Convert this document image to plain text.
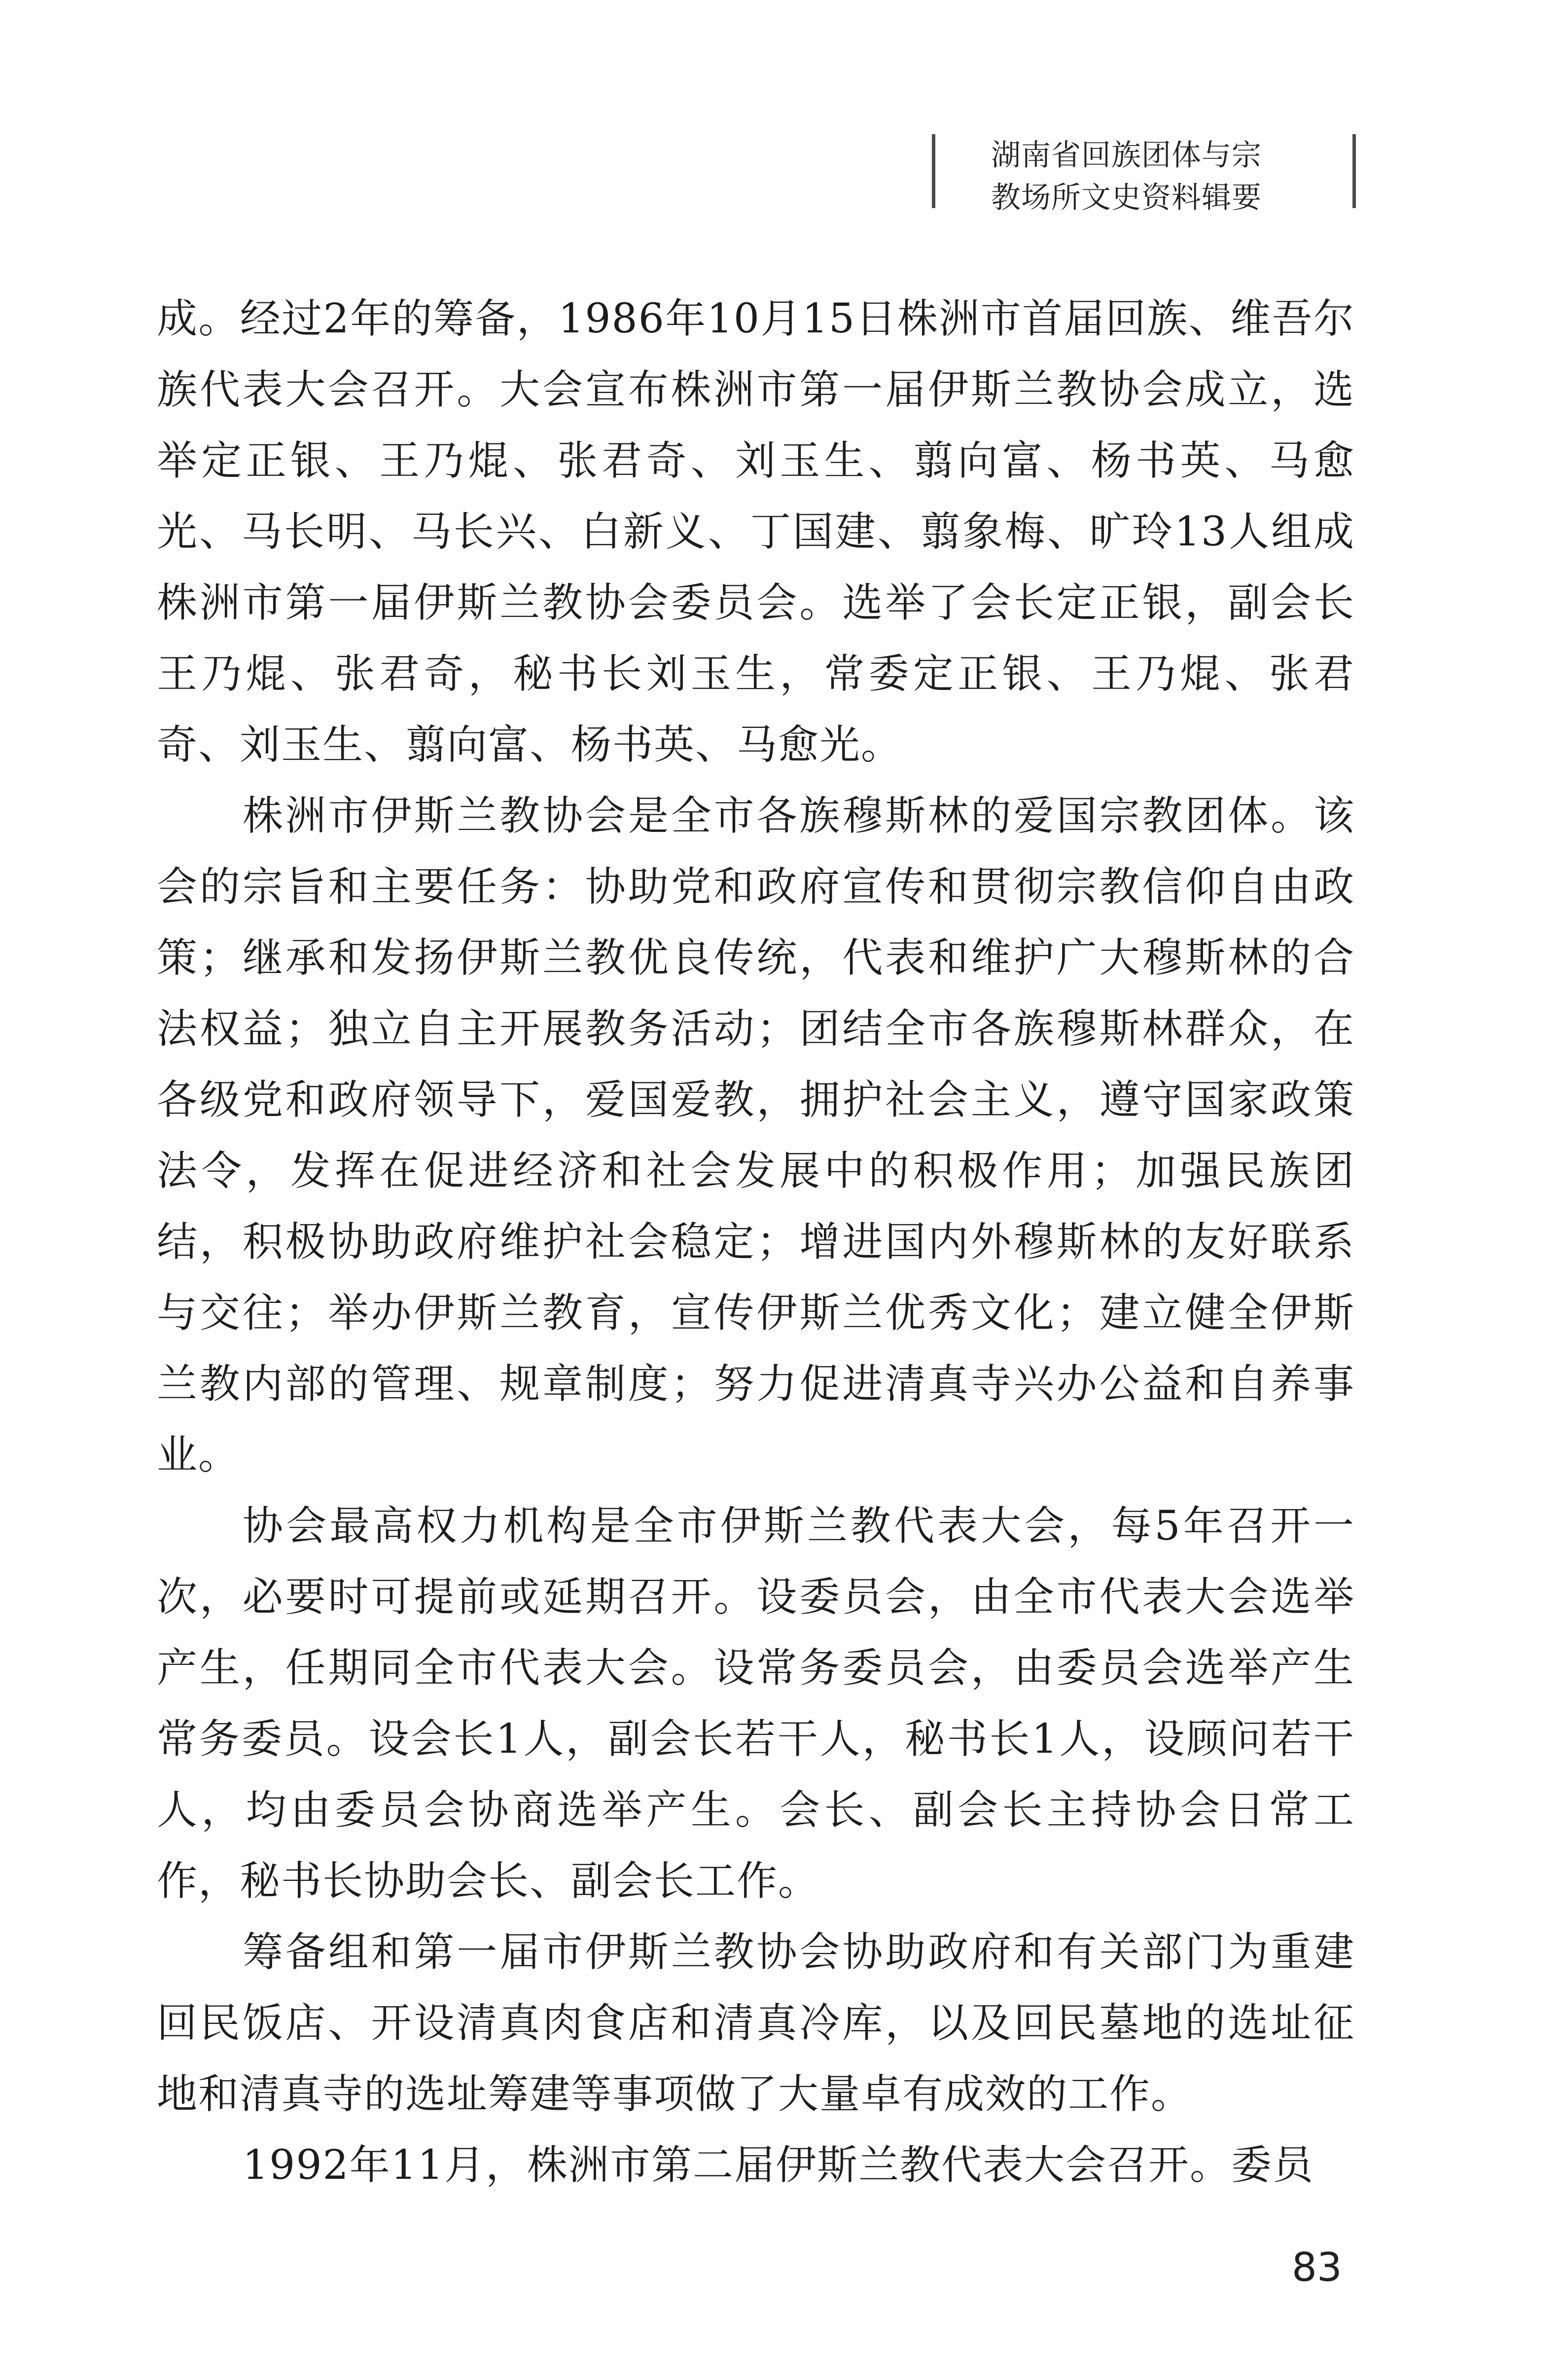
湖南省回族团体与宗
教场所文史资料辑要

成。经过2年的筹备，1986年10月15日株洲市首届回族、维吾尔族代表大会召开。大会宣布株洲市第一届伊斯兰教协会成立，选举定正银、王乃焜、张君奇、刘玉生、翦向富、杨书英、马愈光、马长明、马长兴、白新义、丁国建、翦象梅、旷玲13人组成株洲市第一届伊斯兰教协会委员会。选举了会长定正银，副会长王乃焜、张君奇，秘书长刘玉生，常委定正银、王乃焜、张君奇、刘玉生、翦向富、杨书英、马愈光。

株洲市伊斯兰教协会是全市各族穆斯林的爱国宗教团体。该会的宗旨和主要任务：协助党和政府宣传和贯彻宗教信仰自由政策；继承和发扬伊斯兰教优良传统，代表和维护广大穆斯林的合法权益；独立自主开展教务活动；团结全市各族穆斯林群众，在各级党和政府领导下，爱国爱教，拥护社会主义，遵守国家政策法令，发挥在促进经济和社会发展中的积极作用；加强民族团结，积极协助政府维护社会稳定；增进国内外穆斯林的友好联系与交往；举办伊斯兰教育，宣传伊斯兰优秀文化；建立健全伊斯兰教内部的管理、规章制度；努力促进清真寺兴办公益和自养事业。

协会最高权力机构是全市伊斯兰教代表大会，每5年召开一次，必要时可提前或延期召开。设委员会，由全市代表大会选举产生，任期同全市代表大会。设常务委员会，由委员会选举产生常务委员。设会长1人，副会长若干人，秘书长1人，设顾问若干人，均由委员会协商选举产生。会长、副会长主持协会日常工作，秘书长协助会长、副会长工作。

筹备组和第一届市伊斯兰教协会协助政府和有关部门为重建回民饭店、开设清真肉食店和清真冷库，以及回民墓地的选址征地和清真寺的选址筹建等事项做了大量卓有成效的工作。

1992年11月，株洲市第二届伊斯兰教代表大会召开。委员

83
